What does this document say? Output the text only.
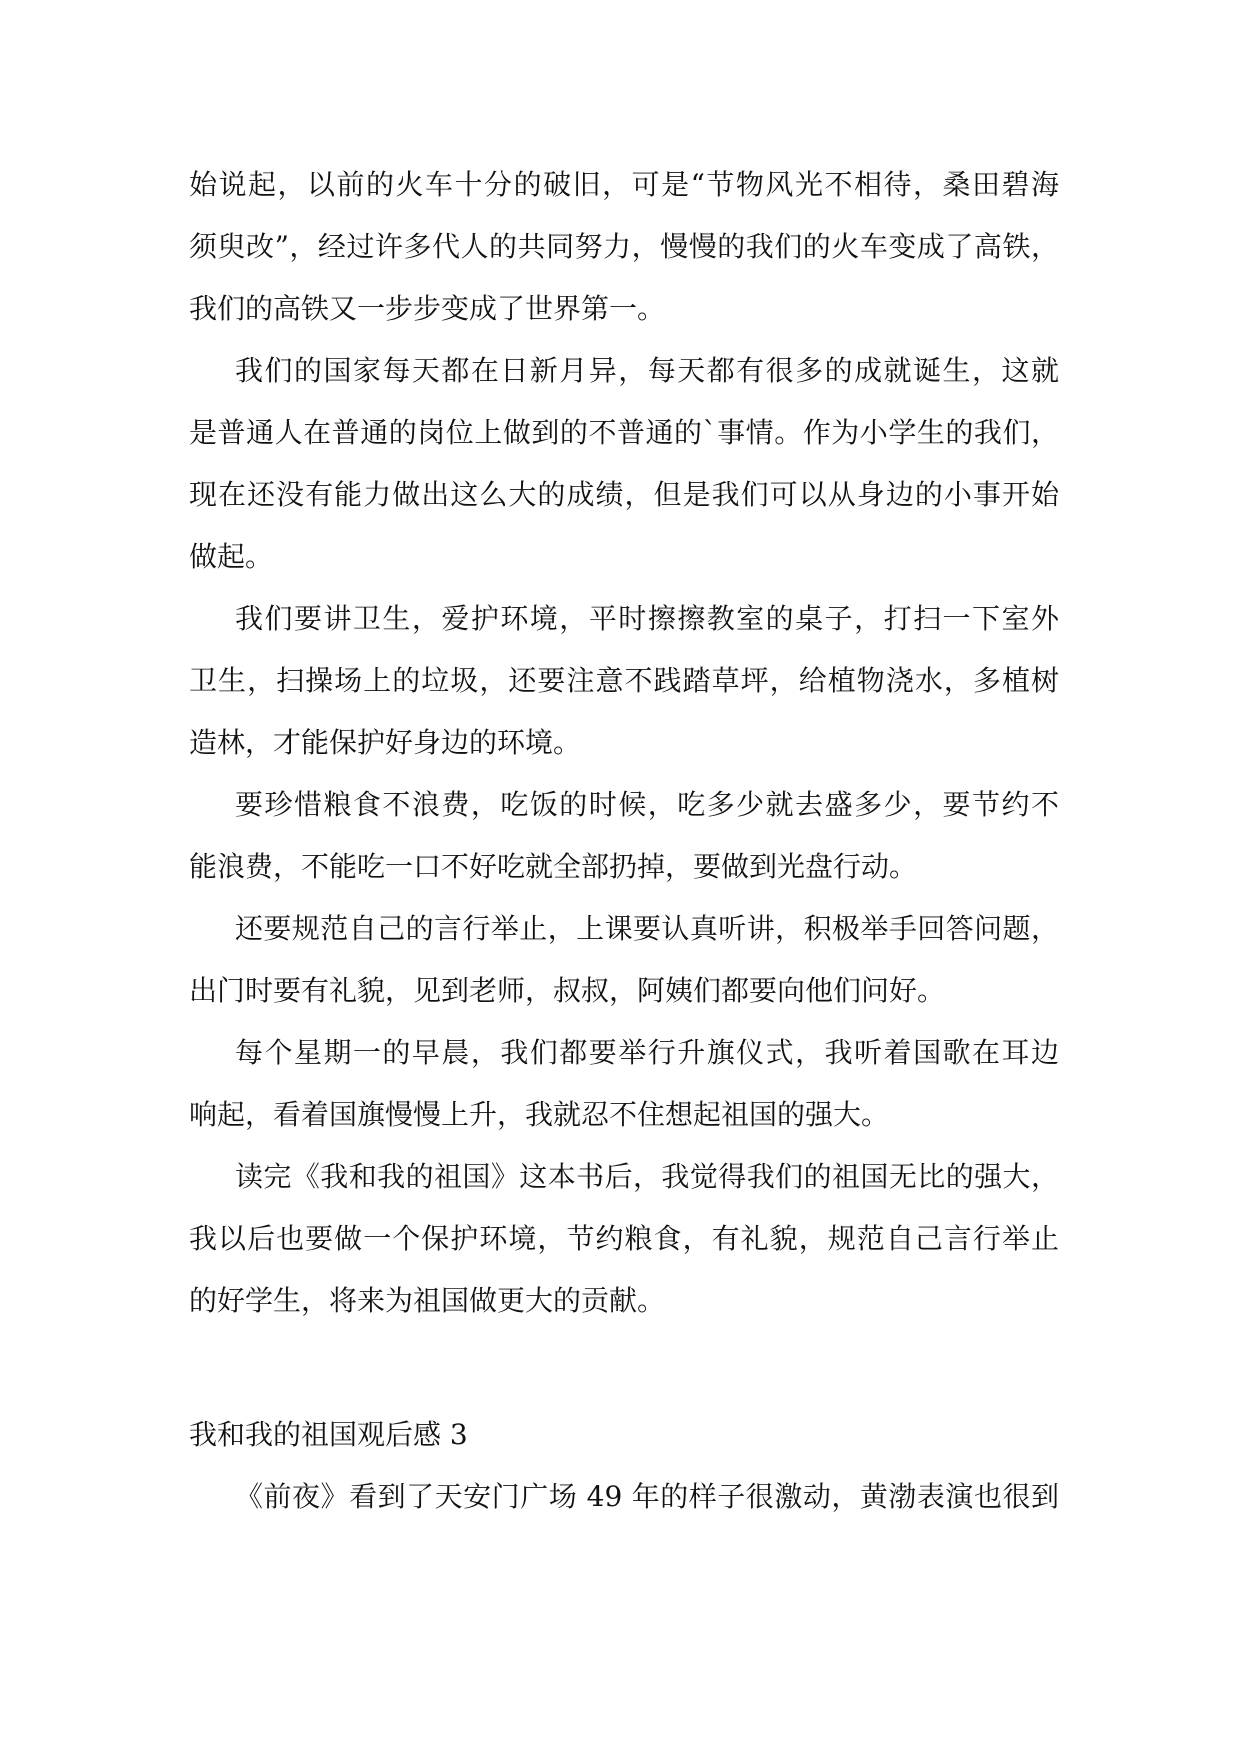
始说起，以前的火车十分的破旧，可是“节物风光不相待，桑田碧海
须臾改”，经过许多代人的共同努力，慢慢的我们的火车变成了高铁，
我们的高铁又一步步变成了世界第一。
我们的国家每天都在日新月异，每天都有很多的成就诞生，这就
是普通人在普通的岗位上做到的不普通的`事情。作为小学生的我们，
现在还没有能力做出这么大的成绩，但是我们可以从身边的小事开始
做起。
我们要讲卫生，爱护环境，平时擦擦教室的桌子，打扫一下室外
卫生，扫操场上的垃圾，还要注意不践踏草坪，给植物浇水，多植树
造林，才能保护好身边的环境。
要珍惜粮食不浪费，吃饭的时候，吃多少就去盛多少，要节约不
能浪费，不能吃一口不好吃就全部扔掉，要做到光盘行动。
还要规范自己的言行举止，上课要认真听讲，积极举手回答问题，
出门时要有礼貌，见到老师，叔叔，阿姨们都要向他们问好。
每个星期一的早晨，我们都要举行升旗仪式，我听着国歌在耳边
响起，看着国旗慢慢上升，我就忍不住想起祖国的强大。
读完《我和我的祖国》这本书后，我觉得我们的祖国无比的强大，
我以后也要做一个保护环境，节约粮食，有礼貌，规范自己言行举止
的好学生，将来为祖国做更大的贡献。
我和我的祖国观后感 3
《前夜》看到了天安门广场 49 年的样子很激动，黄渤表演也很到
